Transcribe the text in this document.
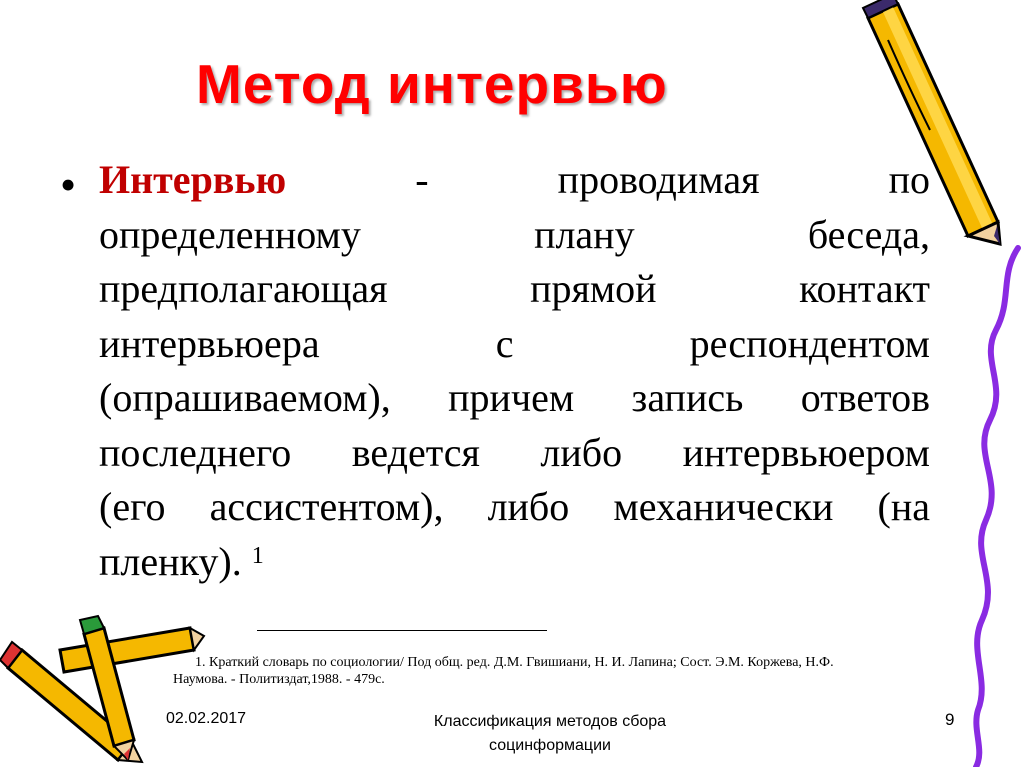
Метод интервью
• Интервью	-	проводимая	по
определенному	плану	беседа,
предполагающая	прямой	контакт
интервьюера	с	респондентом
(опрашиваемом), причем запись ответов
последнего ведется либо интервьюером
(его ассистентом), либо механически (на
пленку). 1
1. Краткий словарь по социологии/ Под общ. ред. Д.М. Гвишиани, Н. И. Лапина; Сост. Э.М. Коржева, Н.Ф.
Наумова. - Политиздат,1988. - 479с.
02.02.2017	Классификация методов сбора
социнформации
9
